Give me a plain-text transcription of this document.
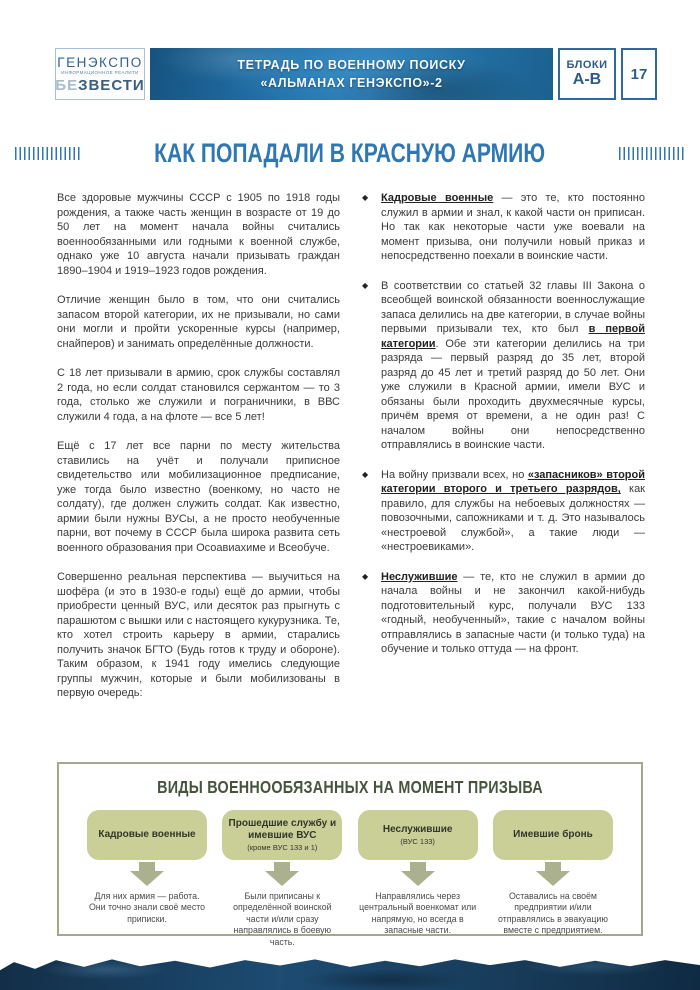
ГЕНЭКСПО
ИНФОРМАЦИОННОЕ РЕАЛИТИ
БЕЗВЕСТИ
ТЕТРАДЬ ПО ВОЕННОМУ ПОИСКУ
«АЛЬМАНАХ ГЕНЭКСПО»-2
БЛОКИ
А-В 17
КАК ПОПАДАЛИ В КРАСНУЮ АРМИЮ

Все здоровые мужчины СССР с 1905 по 1918 годы рождения, а также часть женщин в возрасте от 19 до 50 лет на момент начала войны считались военнообязанными или годными к военной службе, однако уже 10 августа начали призывать граждан 1890–1904 и 1919–1923 годов рождения.

Отличие женщин было в том, что они считались запасом второй категории, их не призывали, но сами они могли и пройти ускоренные курсы (например, снайперов) и занимать определённые должности.

С 18 лет призывали в армию, срок службы составлял 2 года, но если солдат становился сержантом — то 3 года, столько же служили и пограничники, в ВВС служили 4 года, а на флоте — все 5 лет!

Ещё с 17 лет все парни по месту жительства ставились на учёт и получали приписное свидетельство или мобилизационное предписание, уже тогда было известно (военкому, но часто не солдату), где должен служить солдат. Как известно, армии были нужны ВУСы, а не просто необученные парни, вот почему в СССР была широка развита сеть военного образования при Осоавиахиме и Всеобуче.

Совершенно реальная перспектива — выучиться на шофёра (и это в 1930-е годы) ещё до армии, чтобы приобрести ценный ВУС, или десяток раз прыгнуть с парашютом с вышки или с настоящего кукурузника. Те, кто хотел строить карьеру в армии, старались получить значок БГТО (Будь готов к труду и обороне). Таким образом, к 1941 году имелись следующие группы мужчин, которые и были мобилизованы в первую очередь:

◆ Кадровые военные — это те, кто постоянно служил в армии и знал, к какой части он приписан. Но так как некоторые части уже воевали на момент призыва, они получили новый приказ и непосредственно поехали в воинские части.
◆ В соответствии со статьей 32 главы III Закона о всеобщей воинской обязанности военнослужащие запаса делились на две категории, в случае войны первыми призывали тех, кто был в первой категории. Обе эти категории делились на три разряда — первый разряд до 35 лет, второй разряд до 45 лет и третий разряд до 50 лет. Они уже служили в Красной армии, имели ВУС и обязаны были проходить двухмесячные курсы, причём время от времени, а не один раз! С началом войны они непосредственно отправлялись в воинские части.
◆ На войну призвали всех, но «запасников» второй категории второго и третьего разрядов, как правило, для службы на небоевых должностях — повозочными, сапожниками и т. д. Это называлось «нестроевой службой», а такие люди — «нестроевиками».
◆ Неслужившие — те, кто не служил в армии до начала войны и не закончил какой-нибудь подготовительный курс, получали ВУС 133 «годный, необученный», такие с началом войны отправлялись в запасные части (и только туда) на обучение и только оттуда — на фронт.
ВИДЫ ВОЕННООБЯЗАННЫХ НА МОМЕНТ ПРИЗЫВА
Кадровые военные
Для них армия — работа. Они точно знали своё место приписки.
Прошедшие службу и имевшие ВУС
(кроме ВУС 133 и 1)
Были приписаны к определённой воинской части и/или сразу направлялись в боевую часть.
Неслужившие
(ВУС 133)
Направлялись через центральный военкомат или напрямую, но всегда в запасные части.
Имевшие бронь
Оставались на своём предприятии и/или отправлялись в эвакуацию вместе с предприятием.
